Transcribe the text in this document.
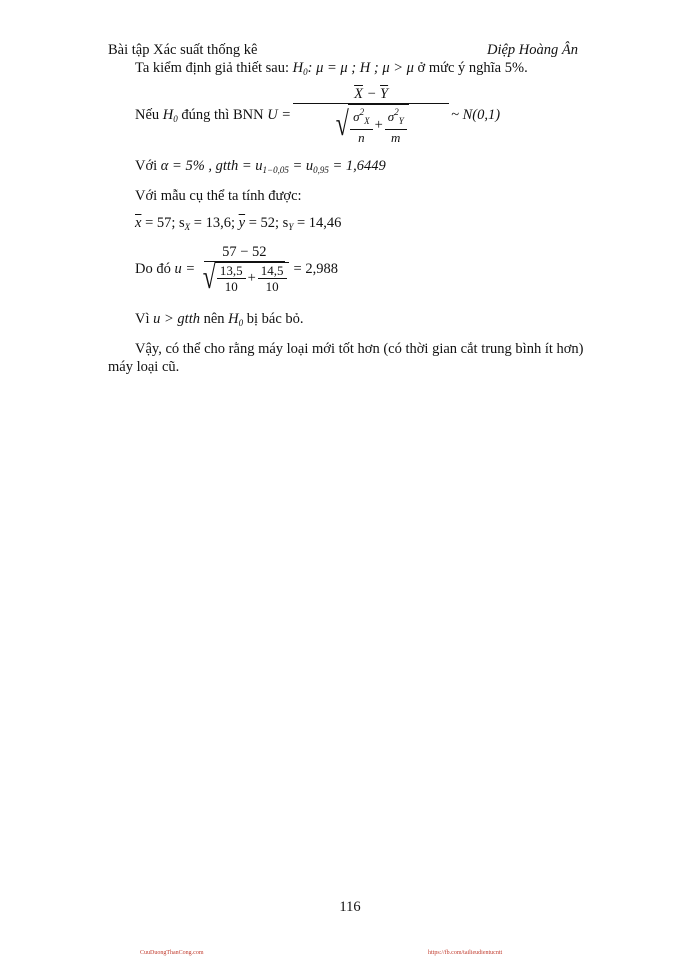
Bài tập Xác suất thống kê	Diệp Hoàng Ân
Ta kiểm định giả thiết sau: $H_0$: μ = μ ; H ; μ > μ ở mức ý nghĩa 5%.
Nếu
$H_0$
đúng thì BNN
$U = \frac{\overline{X} - \overline{Y}}{√ \frac{\sigma^2_X}{n} + \frac{\sigma^2_Y}{m}}$ ~ N(0,1)
Với α = 5% , gtth = $u_{1-0,05} = u_{0,95} = 1,6449$
Với mẫu cụ thể ta tính được:
$\overline{x} = 57$; $s_X = 13,6$; $\overline{y} = 52$; $s_Y = 14,46$
Do đó
$u = \frac{57 - 52}{√ \frac{13,5}{10} + \frac{14,5}{10}} = 2,988$
Vì u > gtth nên $H_0$ bị bác bỏ.
Vậy, có thể cho rằng máy loại mới tốt hơn (có thời gian cắt trung bình ít hơn)
máy loại cũ.
116
CuuDuongThanCong.com	https://fb.com/tailieudientucntt
